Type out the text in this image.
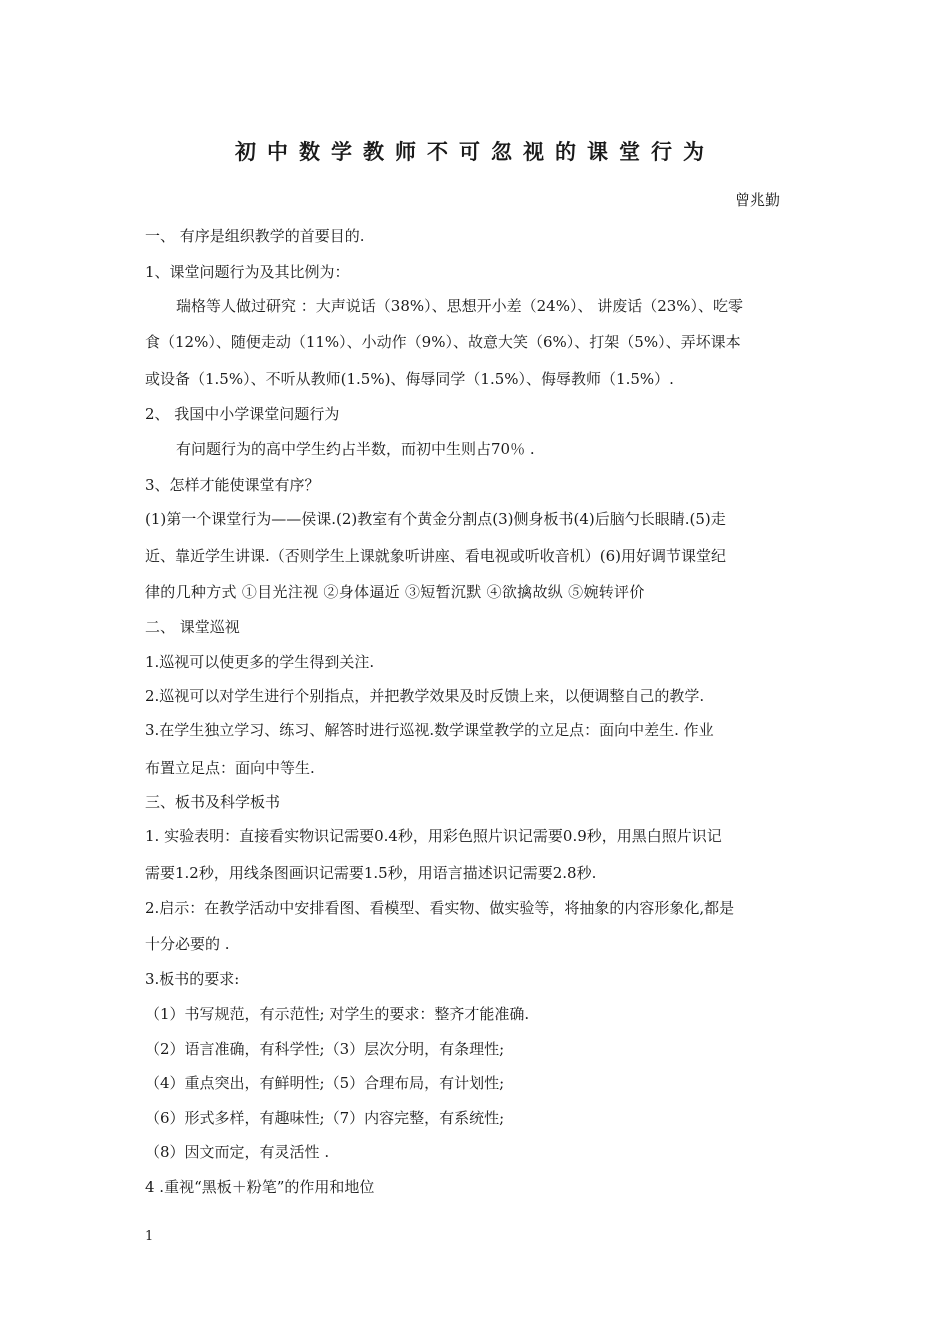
初中数学教师不可忽视的课堂行为
曾兆勤
一、 有序是组织教学的首要目的.
1、课堂问题行为及其比例为：
瑞格等人做过研究 ：大声说话（38%）、思想开小差（24%）、 讲废话（23%）、吃零
食（12%）、随便走动（11%）、小动作（9%）、故意大笑（6%）、打架（5%）、弄坏课本
或设备（1.5%）、不听从教师(1.5%)、侮辱同学（1.5%）、侮辱教师（1.5%）.
2、 我国中小学课堂问题行为
有问题行为的高中学生约占半数，而初中生则占70％ .
3、怎样才能使课堂有序？
(1)第一个课堂行为——侯课.(2)教室有个黄金分割点(3)侧身板书(4)后脑勺长眼睛.(5)走
近、靠近学生讲课.（否则学生上课就象听讲座、看电视或听收音机）(6)用好调节课堂纪
律的几种方式 ①目光注视 ②身体逼近 ③短暂沉默 ④欲擒故纵 ⑤婉转评价
二、 课堂巡视
1.巡视可以使更多的学生得到关注.
2.巡视可以对学生进行个别指点，并把教学效果及时反馈上来，以便调整自己的教学.
3.在学生独立学习、练习、解答时进行巡视.数学课堂教学的立足点：面向中差生. 作业
布置立足点：面向中等生.
三、板书及科学板书
1. 实验表明：直接看实物识记需要0.4秒，用彩色照片识记需要0.9秒，用黑白照片识记
需要1.2秒，用线条图画识记需要1.5秒，用语言描述识记需要2.8秒.
2.启示：在教学活动中安排看图、看模型、看实物、做实验等，将抽象的内容形象化,都是
十分必要的 .
3.板书的要求:
（1）书写规范，有示范性; 对学生的要求：整齐才能准确.
（2）语言准确，有科学性;（3）层次分明，有条理性;
（4）重点突出，有鲜明性;（5）合理布局，有计划性;
（6）形式多样，有趣味性;（7）内容完整，有系统性;
（8）因文而定，有灵活性 .
4 .重视“黑板＋粉笔”的作用和地位
1
